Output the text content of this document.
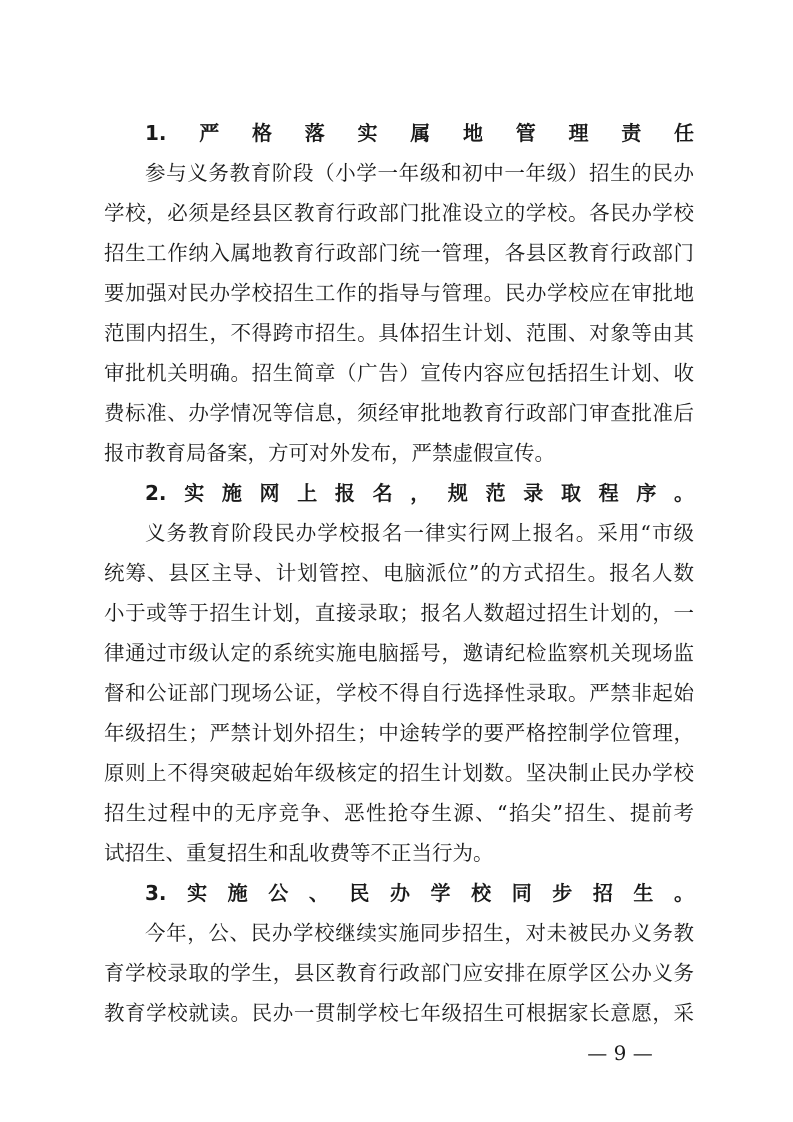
1.严格落实属地管理责任
参与义务教育阶段（小学一年级和初中一年级）招生的民办
学校，必须是经县区教育行政部门批准设立的学校。各民办学校
招生工作纳入属地教育行政部门统一管理，各县区教育行政部门
要加强对民办学校招生工作的指导与管理。民办学校应在审批地
范围内招生，不得跨市招生。具体招生计划、范围、对象等由其
审批机关明确。招生简章（广告）宣传内容应包括招生计划、收
费标准、办学情况等信息，须经审批地教育行政部门审查批准后
报市教育局备案，方可对外发布，严禁虚假宣传。
2.实施网上报名，规范录取程序。
义务教育阶段民办学校报名一律实行网上报名。采用“市级
统筹、县区主导、计划管控、电脑派位”的方式招生。报名人数
小于或等于招生计划，直接录取；报名人数超过招生计划的，一
律通过市级认定的系统实施电脑摇号，邀请纪检监察机关现场监
督和公证部门现场公证，学校不得自行选择性录取。严禁非起始
年级招生；严禁计划外招生；中途转学的要严格控制学位管理，
原则上不得突破起始年级核定的招生计划数。坚决制止民办学校
招生过程中的无序竞争、恶性抢夺生源、“掐尖”招生、提前考
试招生、重复招生和乱收费等不正当行为。
3.实施公、民办学校同步招生。
今年，公、民办学校继续实施同步招生，对未被民办义务教
育学校录取的学生，县区教育行政部门应安排在原学区公办义务
教育学校就读。民办一贯制学校七年级招生可根据家长意愿，采
— 9 —
